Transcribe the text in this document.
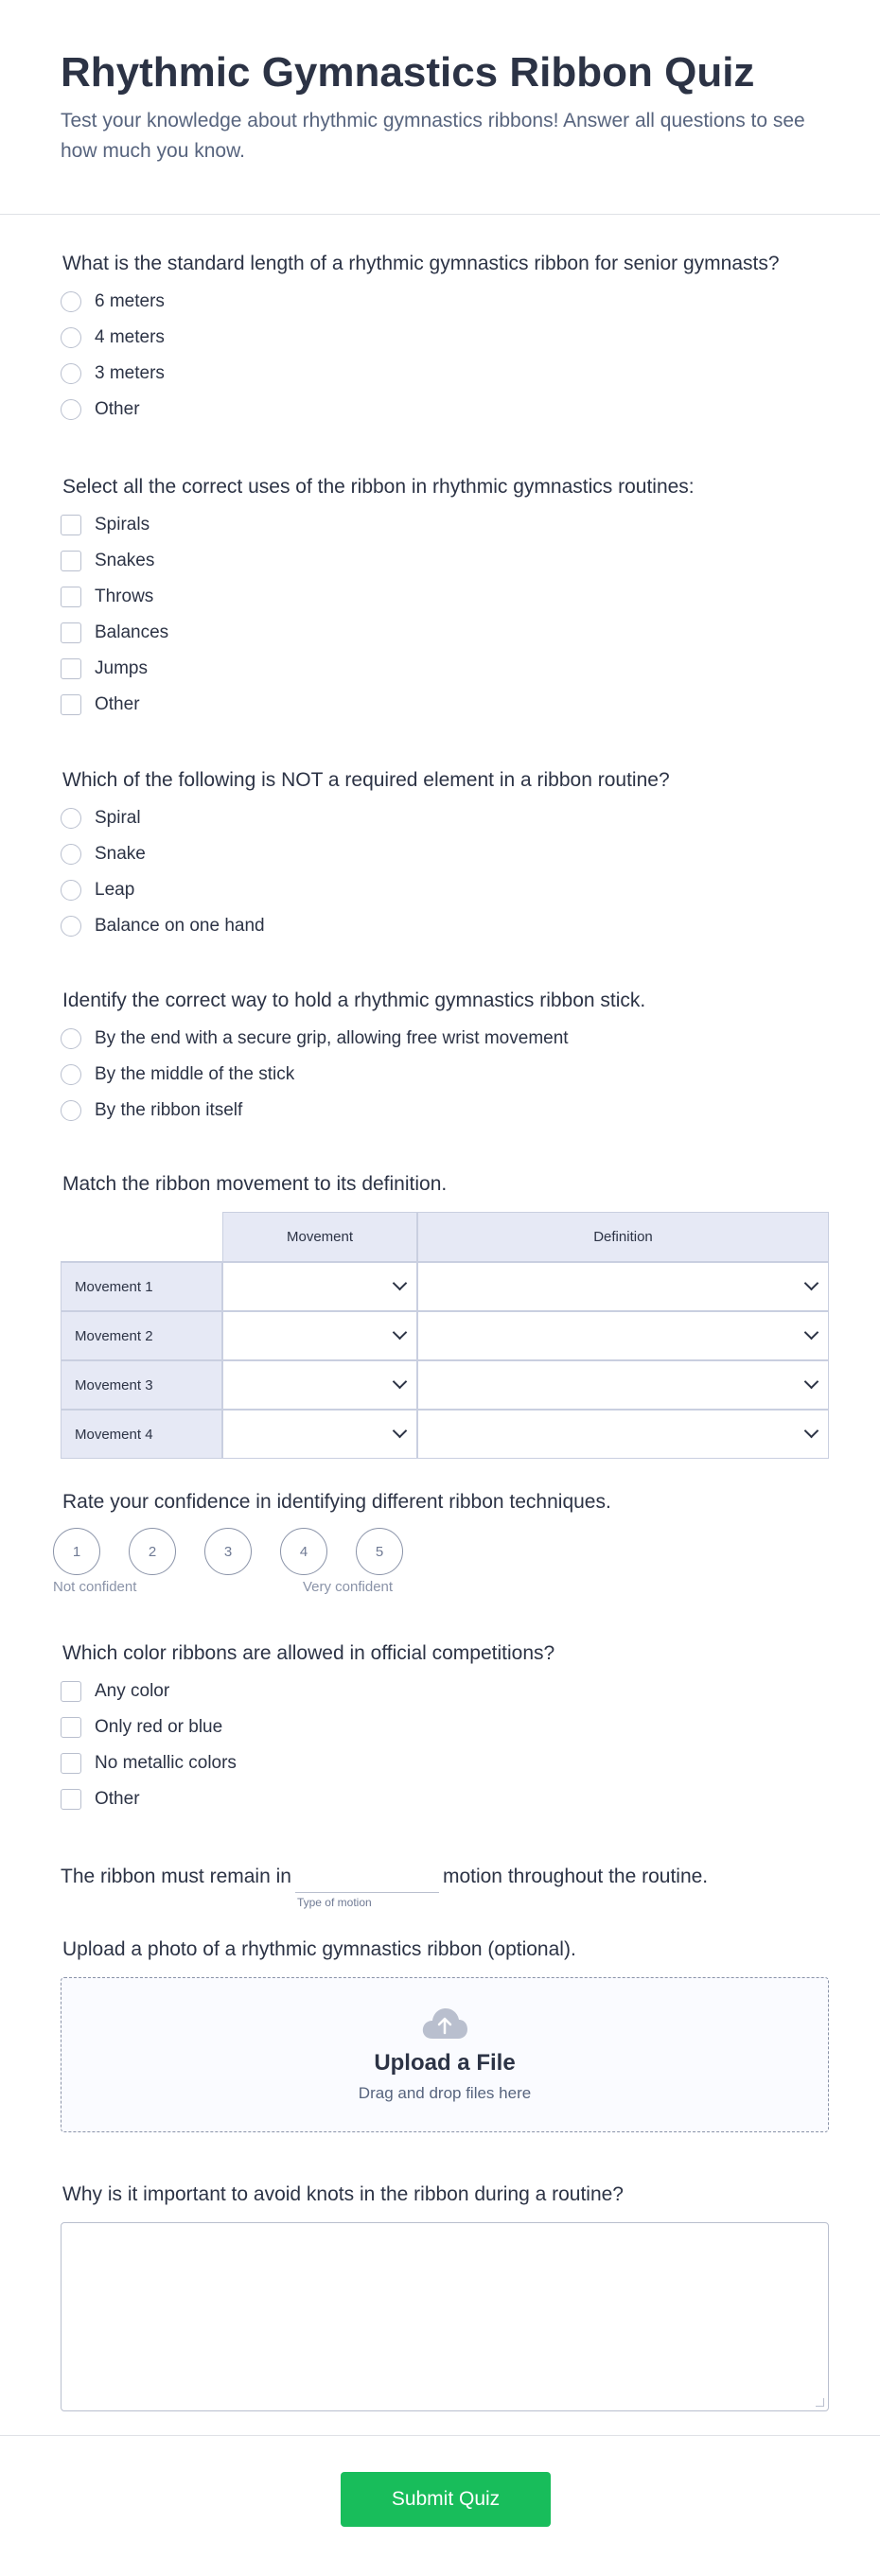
Rhythmic Gymnastics Ribbon Quiz

Test your knowledge about rhythmic gymnastics ribbons! Answer all questions to see how much you know.

What is the standard length of a rhythmic gymnastics ribbon for senior gymnasts?
6 meters
4 meters
3 meters
Other
Select all the correct uses of the ribbon in rhythmic gymnastics routines:
Spirals
Snakes
Throws
Balances
Jumps
Other
Which of the following is NOT a required element in a ribbon routine?
Spiral
Snake
Leap
Balance on one hand
Identify the correct way to hold a rhythmic gymnastics ribbon stick.
By the end with a secure grip, allowing free wrist movement
By the middle of the stick
By the ribbon itself
Match the ribbon movement to its definition.
	Movement	Definition
Movement 1	

Movement 2	

Movement 3	

Movement 4	

Rate your confidence in identifying different ribbon techniques.
1	2	3	4	5
Not confident	Very confident
Which color ribbons are allowed in official competitions?
Any color
Only red or blue
No metallic colors
Other
The ribbon must remain in
Type of motion
motion throughout the routine.
Upload a photo of a rhythmic gymnastics ribbon (optional).
Upload a File
Drag and drop files here
Why is it important to avoid knots in the ribbon during a routine?
Submit Quiz
